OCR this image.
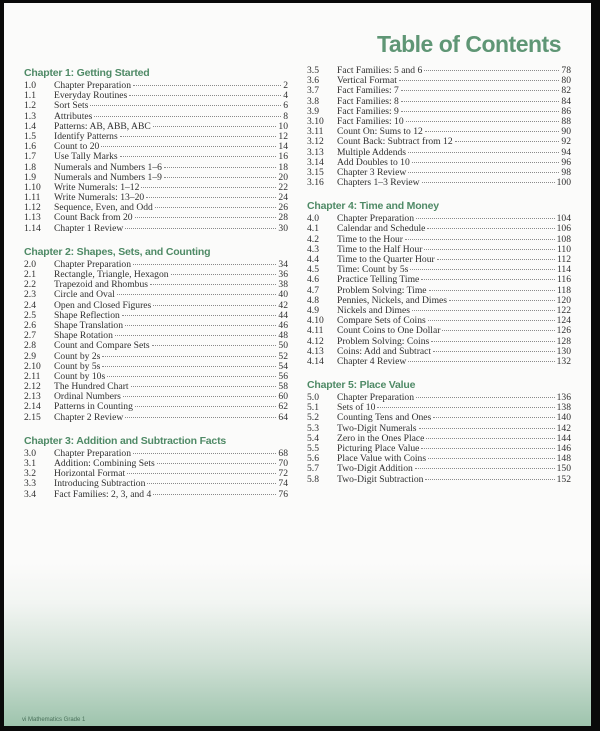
Table of Contents
Chapter 1: Getting Started
1.0	Chapter Preparation	2
1.1	Everyday Routines	4
1.2	Sort Sets	6
1.3	Attributes	8
1.4	Patterns: AB, ABB, ABC	10
1.5	Identify Patterns	12
1.6	Count to 20	14
1.7	Use Tally Marks	16
1.8	Numerals and Numbers 1–6	18
1.9	Numerals and Numbers 1–9	20
1.10	Write Numerals: 1–12	22
1.11	Write Numerals: 13–20	24
1.12	Sequence, Even, and Odd	26
1.13	Count Back from 20	28
1.14	Chapter 1 Review	30
Chapter 2: Shapes, Sets, and Counting
2.0	Chapter Preparation	34
2.1	Rectangle, Triangle, Hexagon	36
2.2	Trapezoid and Rhombus	38
2.3	Circle and Oval	40
2.4	Open and Closed Figures	42
2.5	Shape Reflection	44
2.6	Shape Translation	46
2.7	Shape Rotation	48
2.8	Count and Compare Sets	50
2.9	Count by 2s	52
2.10	Count by 5s	54
2.11	Count by 10s	56
2.12	The Hundred Chart	58
2.13	Ordinal Numbers	60
2.14	Patterns in Counting	62
2.15	Chapter 2 Review	64
Chapter 3: Addition and Subtraction Facts
3.0	Chapter Preparation	68
3.1	Addition: Combining Sets	70
3.2	Horizontal Format	72
3.3	Introducing Subtraction	74
3.4	Fact Families: 2, 3, and 4	76
3.5	Fact Families: 5 and 6	78
3.6	Vertical Format	80
3.7	Fact Families: 7	82
3.8	Fact Families: 8	84
3.9	Fact Families: 9	86
3.10	Fact Families: 10	88
3.11	Count On: Sums to 12	90
3.12	Count Back: Subtract from 12	92
3.13	Multiple Addends	94
3.14	Add Doubles to 10	96
3.15	Chapter 3 Review	98
3.16	Chapters 1–3 Review	100
Chapter 4: Time and Money
4.0	Chapter Preparation	104
4.1	Calendar and Schedule	106
4.2	Time to the Hour	108
4.3	Time to the Half Hour	110
4.4	Time to the Quarter Hour	112
4.5	Time: Count by 5s	114
4.6	Practice Telling Time	116
4.7	Problem Solving: Time	118
4.8	Pennies, Nickels, and Dimes	120
4.9	Nickels and Dimes	122
4.10	Compare Sets of Coins	124
4.11	Count Coins to One Dollar	126
4.12	Problem Solving: Coins	128
4.13	Coins: Add and Subtract	130
4.14	Chapter 4 Review	132
Chapter 5: Place Value
5.0	Chapter Preparation	136
5.1	Sets of 10	138
5.2	Counting Tens and Ones	140
5.3	Two-Digit Numerals	142
5.4	Zero in the Ones Place	144
5.5	Picturing Place Value	146
5.6	Place Value with Coins	148
5.7	Two-Digit Addition	150
5.8	Two-Digit Subtraction	152
vi Mathematics Grade 1
